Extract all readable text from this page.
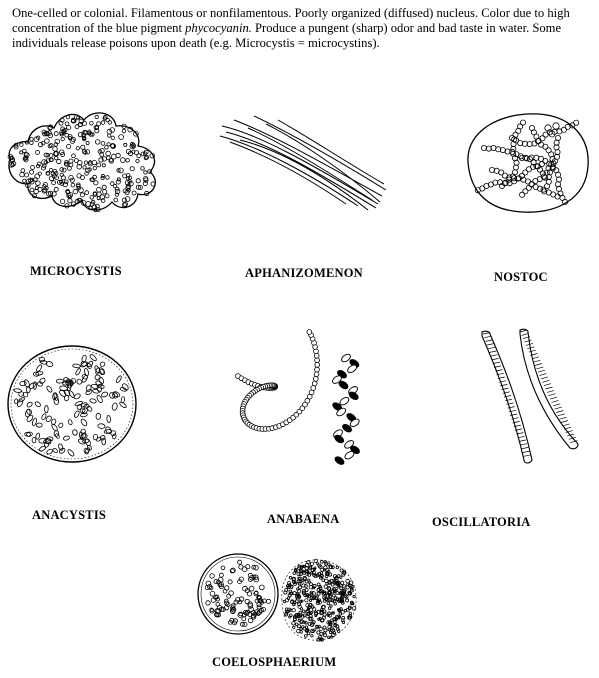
One-celled or colonial. Filamentous or nonfilamentous. Poorly organized (diffused) nucleus. Color due to high concentration of the blue pigment phycocyanin. Produce a pungent (sharp) odor and bad taste in water. Some individuals release poisons upon death (e.g. Microcystis = microcystins).
MICROCYSTIS	APHANIZOMENON	NOSTOC
ANACYSTIS	ANABAENA	OSCILLATORIA
COELOSPHAERIUM
